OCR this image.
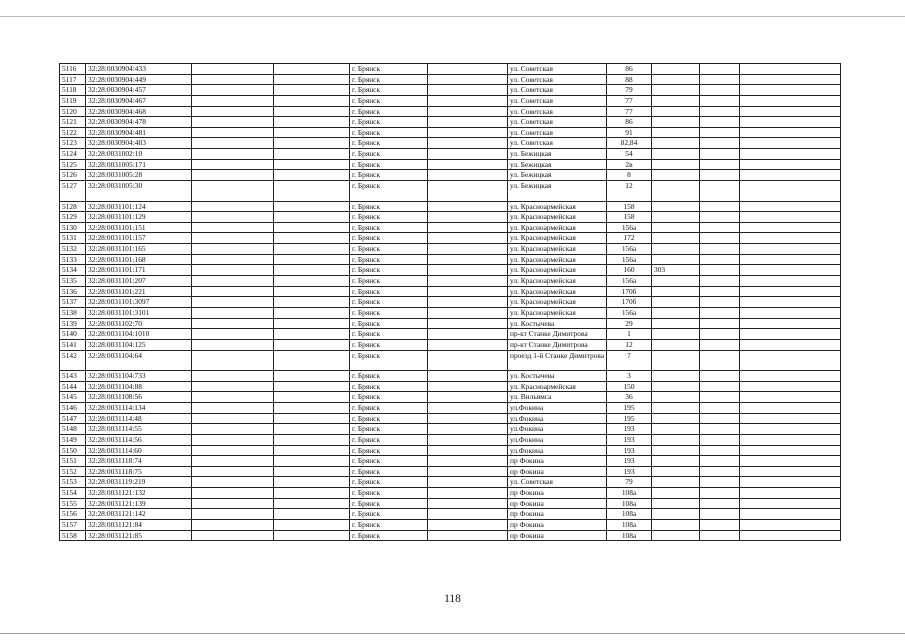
5116	32:28:0030904:433			г. Брянск		ул. Советская	86			
5117	32:28:0030904:449			г. Брянск		ул. Советская	88			
5118	32:28:0030904:457			г. Брянск		ул. Советская	79			
5119	32:28:0030904:467			г. Брянск		ул. Советская	77			
5120	32:28:0030904:468			г. Брянск		ул. Советская	77			
5121	32:28:0030904:478			г. Брянск		ул. Советская	86			
5122	32:28:0030904:481			г. Брянск		ул. Советская	91			
5123	32:28:0030904:483			г. Брянск		ул. Советская	82,84			
5124	32:28:0031002:10			г. Брянск		ул. Бежицкая	54			
5125	32:28:0031005:171			г. Брянск		ул. Бежицкая	2в			
5126	32:28:0031005:28			г. Брянск		ул. Бежицкая	8			
5127	32:28:0031005:30			г. Брянск		ул. Бежицкая	12			
5128	32:28:0031101:124			г. Брянск		ул. Красноармейская	158			
5129	32:28:0031101:129			г. Брянск		ул. Красноармейская	158			
5130	32:28:0031101:151			г. Брянск		ул. Красноармейская	156а			
5131	32:28:0031101:157			г. Брянск		ул. Красноармейская	172			
5132	32:28:0031101:165			г. Брянск		ул. Красноармейская	156а			
5133	32:28:0031101:168			г. Брянск		ул. Красноармейская	156а			
5134	32:28:0031101:171			г. Брянск		ул. Красноармейская	160	303		
5135	32:28:0031101:207			г. Брянск		ул. Красноармейская	156а			
5136	32:28:0031101:221			г. Брянск		ул. Красноармейская	170б			
5137	32:28:0031101:3097			г. Брянск		ул. Красноармейская	170б			
5138	32:28:0031101:3101			г. Брянск		ул. Красноармейская	156а			
5139	32:28:0031102:70			г. Брянск		ул. Костычева	29			
5140	32:28:0031104:1010			г. Брянск		пр-кт Станке Димитрова	1			
5141	32:28:0031104:125			г. Брянск		пр-кт Станке Димитрова	12			
5142	32:28:0031104:64			г. Брянск		проезд 1-й Станке Димитрова	7			
5143	32:28:0031104:733			г. Брянск		ул. Костычева	3			
5144	32:28:0031104:88			г. Брянск		ул. Красноармейская	150			
5145	32:28:0031108:56			г. Брянск		ул. Вильямса	36			
5146	32:28:0031114:134			г. Брянск		ул.Фокина	195			
5147	32:28:0031114:48			г. Брянск		ул.Фокина	195			
5148	32:28:0031114:55			г. Брянск		ул.Фокина	193			
5149	32:28:0031114:56			г. Брянск		ул.Фокина	193			
5150	32:28:0031114:60			г. Брянск		ул.Фокина	193			
5151	32:28:0031118:74			г. Брянск		пр Фокина	193			
5152	32:28:0031118:75			г. Брянск		пр Фокина	193			
5153	32:28:0031119:219			г. Брянск		ул. Советская	79			
5154	32:28:0031121:132			г. Брянск		пр Фокина	108а			
5155	32:28:0031121:139			г. Брянск		пр Фокина	108а			
5156	32:28:0031121:142			г. Брянск		пр Фокина	108а			
5157	32:28:0031121:84			г. Брянск		пр Фокина	108а			
5158	32:28:0031121:85			г. Брянск		пр Фокина	108а			
118
